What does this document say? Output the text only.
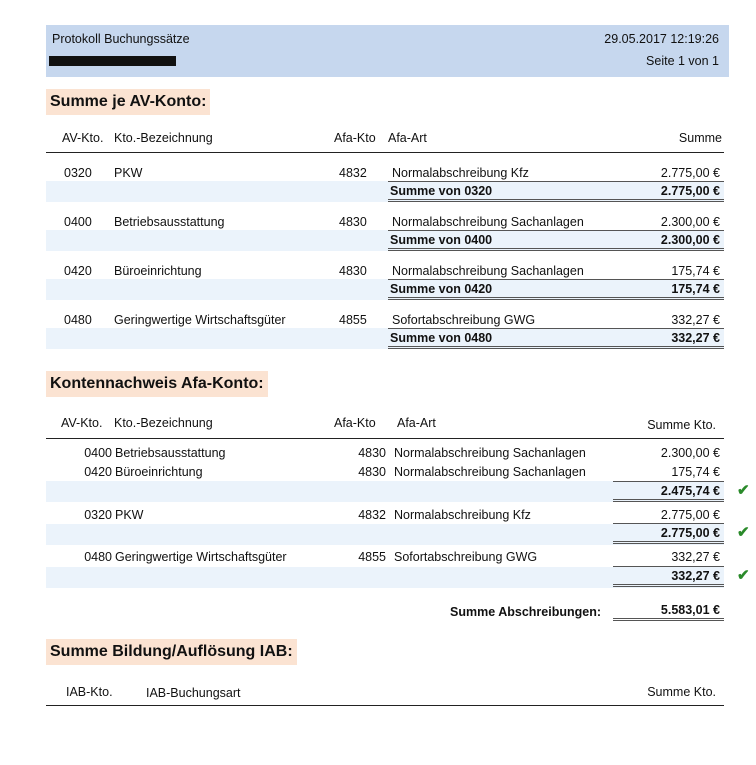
Protokoll Buchungssätze	29.05.2017 12:19:26
Seite 1 von 1
Summe je AV-Konto:
AV-Kto. Kto.-Bezeichnung	Afa-Kto Afa-Art	Summe
0320 PKW	4832 Normalabschreibung Kfz	2.775,00 €
Summe von 0320	2.775,00 €
0400 Betriebsausstattung	4830 Normalabschreibung Sachanlagen	2.300,00 €
Summe von 0400	2.300,00 €
0420 Büroeinrichtung	4830 Normalabschreibung Sachanlagen	175,74 €
Summe von 0420	175,74 €
0480 Geringwertige Wirtschaftsgüter	4855 Sofortabschreibung GWG	332,27 €
Summe von 0480	332,27 €
Kontennachweis Afa-Konto:
AV-Kto. Kto.-Bezeichnung	Afa-Kto Afa-Art	Summe Kto.
0400 Betriebsausstattung	4830 Normalabschreibung Sachanlagen	2.300,00 €
0420 Büroeinrichtung	4830 Normalabschreibung Sachanlagen	175,74 €
2.475,74 € ✔
0320 PKW	4832 Normalabschreibung Kfz	2.775,00 €
2.775,00 € ✔
0480 Geringwertige Wirtschaftsgüter	4855 Sofortabschreibung GWG	332,27 €
332,27 € ✔
Summe Abschreibungen:	5.583,01 €
Summe Bildung/Auflösung IAB:
IAB-Kto.	IAB-Buchungsart	Summe Kto.
